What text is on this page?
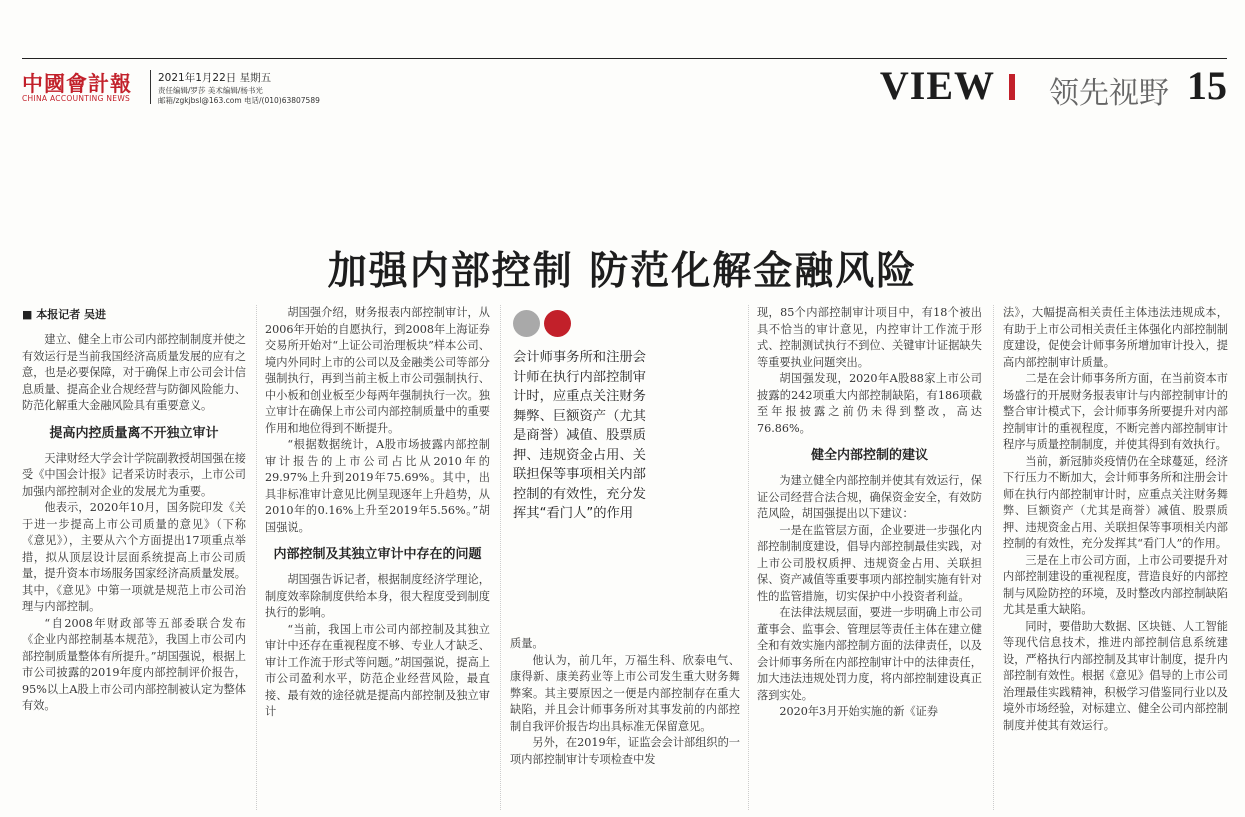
中國會計報
CHINA ACCOUNTING NEWS
2021年1月22日 星期五
责任编辑/罗莎 美术编辑/杨书光
邮箱/zgkjbsl@163.com 电话/(010)63807589	VIEW 领先视野 15
加强内部控制 防范化解金融风险
■ 本报记者 吴进

建立、健全上市公司内部控制制度并使之有效运行是当前我国经济高质量发展的应有之意，也是必要保障，对于确保上市公司会计信息质量、提高企业合规经营与防御风险能力、防范化解重大金融风险具有重要意义。

提高内控质量离不开独立审计

天津财经大学会计学院副教授胡国强在接受《中国会计报》记者采访时表示，上市公司加强内部控制对企业的发展尤为重要。

他表示，2020年10月，国务院印发《关于进一步提高上市公司质量的意见》（下称《意见》），主要从六个方面提出17项重点举措，拟从顶层设计层面系统提高上市公司质量，提升资本市场服务国家经济高质量发展。其中，《意见》中第一项就是规范上市公司治理与内部控制。

“自2008年财政部等五部委联合发布《企业内部控制基本规范》，我国上市公司内部控制质量整体有所提升。”胡国强说，根据上市公司披露的2019年度内部控制评价报告，95%以上A股上市公司内部控制被认定为整体有效。

胡国强介绍，财务报表内部控制审计，从2006年开始的自愿执行，到2008年上海证券交易所开始对“上证公司治理板块”样本公司、境内外同时上市的公司以及金融类公司等部分强制执行，再到当前主板上市公司强制执行、中小板和创业板至少每两年强制执行一次。独立审计在确保上市公司内部控制质量中的重要作用和地位得到不断提升。

“根据数据统计，A股市场披露内部控制审计报告的上市公司占比从2010年的29.97%上升到2019年75.69%。其中，出具非标准审计意见比例呈现逐年上升趋势，从2010年的0.16%上升至2019年5.56%。”胡国强说。

内部控制及其独立审计中存在的问题

胡国强告诉记者，根据制度经济学理论，制度效率除制度供给本身，很大程度受到制度执行的影响。

“当前，我国上市公司内部控制及其独立审计中还存在重视程度不够、专业人才缺乏、审计工作流于形式等问题。”胡国强说，提高上市公司盈利水平，防范企业经营风险，最直接、最有效的途径就是提高内部控制及独立审计

会计师事务所和注册会计师在执行内部控制审计时，应重点关注财务舞弊、巨额资产（尤其是商誉）减值、股票质押、违规资金占用、关联担保等事项相关内部控制的有效性，充分发挥其“看门人”的作用

质量。

他认为，前几年，万福生科、欣泰电气、康得新、康美药业等上市公司发生重大财务舞弊案。其主要原因之一便是内部控制存在重大缺陷，并且会计师事务所对其事发前的内部控制自我评价报告均出具标准无保留意见。

另外，在2019年，证监会会计部组织的一项内部控制审计专项检查中发

现，85个内部控制审计项目中，有18个被出具不恰当的审计意见，内控审计工作流于形式、控制测试执行不到位、关键审计证据缺失等重要执业问题突出。

胡国强发现，2020年A股88家上市公司披露的242项重大内部控制缺陷，有186项截至年报披露之前仍未得到整改，高达76.86%。

健全内部控制的建议

为建立健全内部控制并使其有效运行，保证公司经营合法合规，确保资金安全，有效防范风险，胡国强提出以下建议：

一是在监管层方面，企业要进一步强化内部控制制度建设，倡导内部控制最佳实践，对上市公司股权质押、违规资金占用、关联担保、资产减值等重要事项内部控制实施有针对性的监管措施，切实保护中小投资者利益。

在法律法规层面，要进一步明确上市公司董事会、监事会、管理层等责任主体在建立健全和有效实施内部控制方面的法律责任，以及会计师事务所在内部控制审计中的法律责任，加大违法违规处罚力度，将内部控制建设真正落到实处。

2020年3月开始实施的新《证券

法》，大幅提高相关责任主体违法违规成本，有助于上市公司相关责任主体强化内部控制制度建设，促使会计师事务所增加审计投入，提高内部控制审计质量。

二是在会计师事务所方面，在当前资本市场盛行的开展财务报表审计与内部控制审计的整合审计模式下，会计师事务所要提升对内部控制审计的重视程度，不断完善内部控制审计程序与质量控制制度，并使其得到有效执行。

当前，新冠肺炎疫情仍在全球蔓延，经济下行压力不断加大，会计师事务所和注册会计师在执行内部控制审计时，应重点关注财务舞弊、巨额资产（尤其是商誉）减值、股票质押、违规资金占用、关联担保等事项相关内部控制的有效性，充分发挥其“看门人”的作用。

三是在上市公司方面，上市公司要提升对内部控制建设的重视程度，营造良好的内部控制与风险防控的环境，及时整改内部控制缺陷尤其是重大缺陷。

同时，要借助大数据、区块链、人工智能等现代信息技术，推进内部控制信息系统建设，严格执行内部控制及其审计制度，提升内部控制有效性。根据《意见》倡导的上市公司治理最佳实践精神，积极学习借鉴同行业以及境外市场经验，对标建立、健全公司内部控制制度并使其有效运行。
